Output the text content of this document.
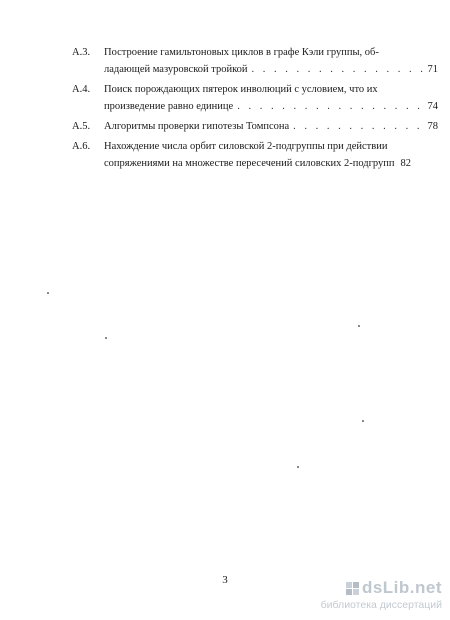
A.3.	Построение гамильтоновых циклов в графе Кэли группы, об-
ладающей мазуровской тройкой . . .	71
A.4.	Поиск порождающих пятерок инволюций с условием, что их
произведение равно единице . . .	74
A.5.	Алгоритмы проверки гипотезы Томпсона . . .	78
A.6.	Нахождение числа орбит силовской 2-подгруппы при действии
сопряжениями на множестве пересечений силовских 2-подгрупп 82
3	dsLib.net
библиотека диссертаций
